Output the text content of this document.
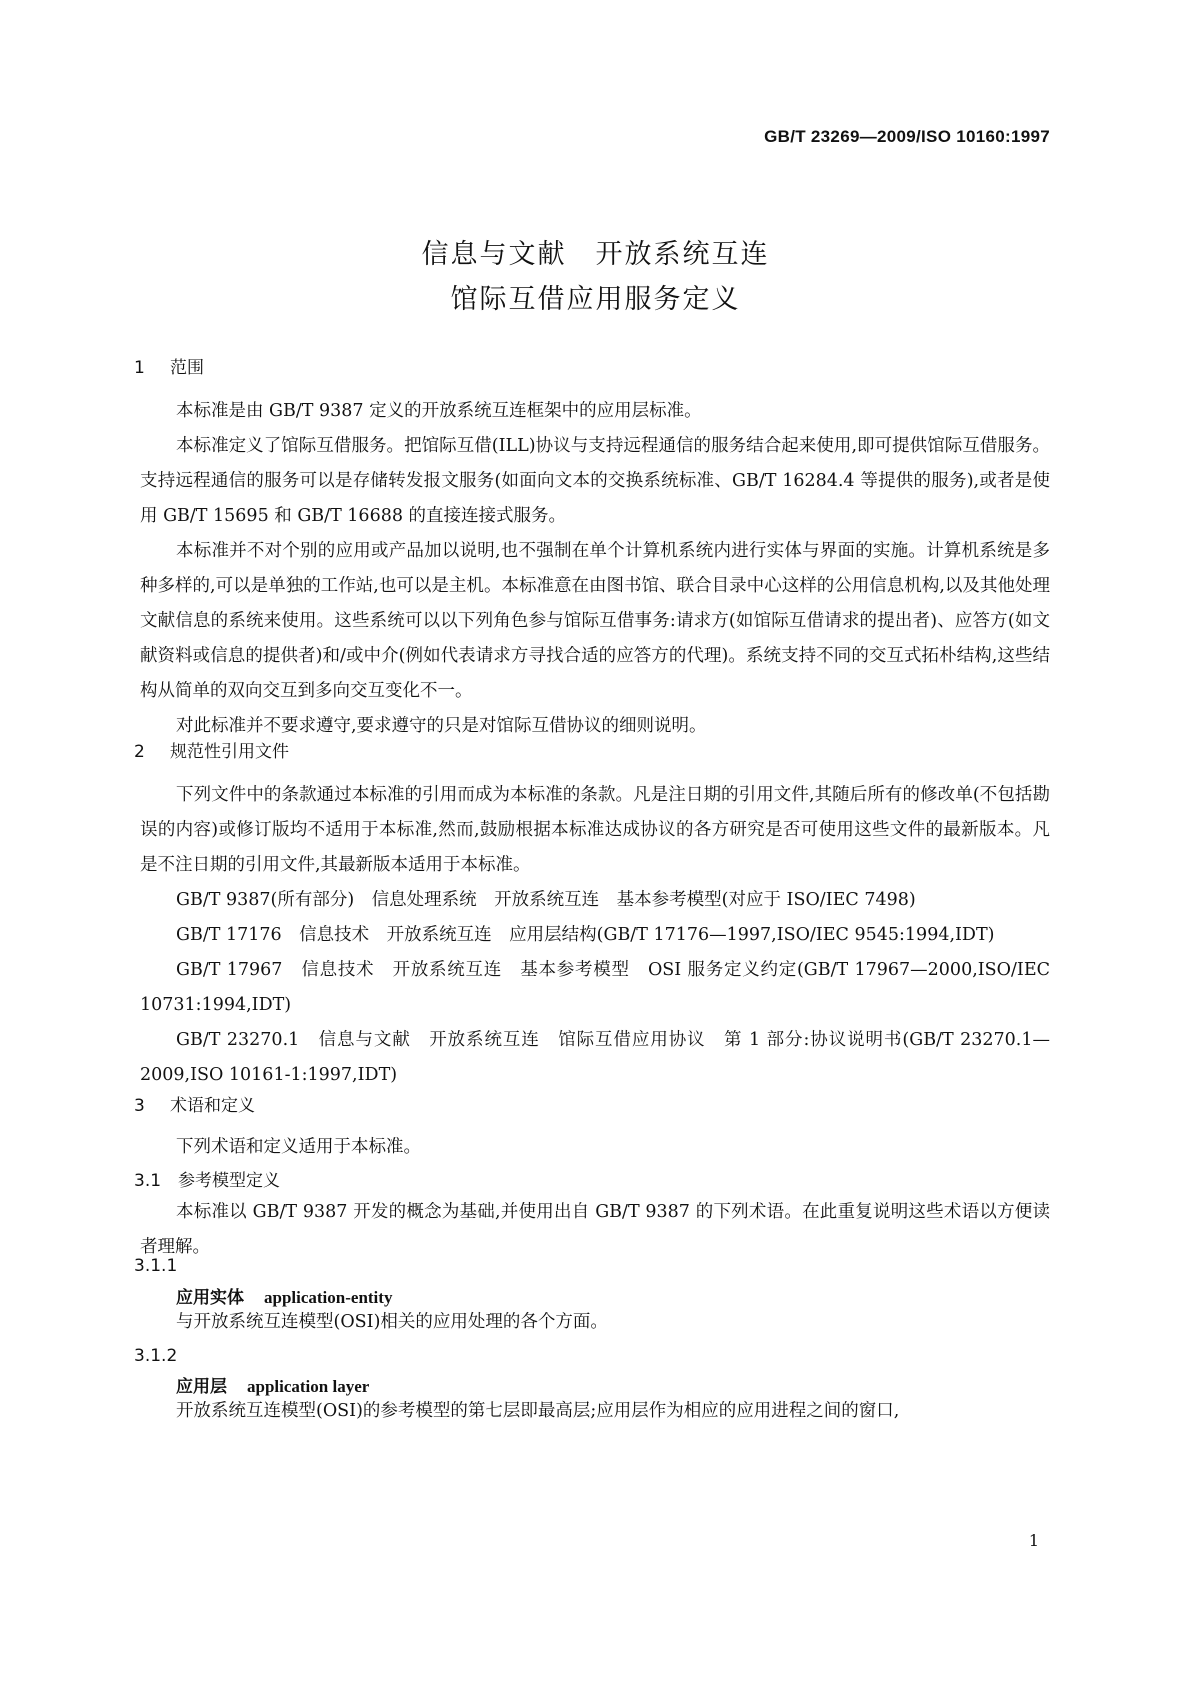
GB/T 23269—2009/ISO 10160:1997
信息与文献　开放系统互连
馆际互借应用服务定义
1 范围

本标准是由 GB/T 9387 定义的开放系统互连框架中的应用层标准。

本标准定义了馆际互借服务。把馆际互借(ILL)协议与支持远程通信的服务结合起来使用,即可提供馆际互借服务。支持远程通信的服务可以是存储转发报文服务(如面向文本的交换系统标准、GB/T 16284.4 等提供的服务),或者是使用 GB/T 15695 和 GB/T 16688 的直接连接式服务。

本标准并不对个别的应用或产品加以说明,也不强制在单个计算机系统内进行实体与界面的实施。计算机系统是多种多样的,可以是单独的工作站,也可以是主机。本标准意在由图书馆、联合目录中心这样的公用信息机构,以及其他处理文献信息的系统来使用。这些系统可以以下列角色参与馆际互借事务:请求方(如馆际互借请求的提出者)、应答方(如文献资料或信息的提供者)和/或中介(例如代表请求方寻找合适的应答方的代理)。系统支持不同的交互式拓朴结构,这些结构从简单的双向交互到多向交互变化不一。

对此标准并不要求遵守,要求遵守的只是对馆际互借协议的细则说明。

2 规范性引用文件

下列文件中的条款通过本标准的引用而成为本标准的条款。凡是注日期的引用文件,其随后所有的修改单(不包括勘误的内容)或修订版均不适用于本标准,然而,鼓励根据本标准达成协议的各方研究是否可使用这些文件的最新版本。凡是不注日期的引用文件,其最新版本适用于本标准。

GB/T 9387(所有部分)　信息处理系统　开放系统互连　基本参考模型(对应于 ISO/IEC 7498)

GB/T 17176　信息技术　开放系统互连　应用层结构(GB/T 17176—1997,ISO/IEC 9545:1994,IDT)

GB/T 17967　信息技术　开放系统互连　基本参考模型　OSI 服务定义约定(GB/T 17967—2000,ISO/IEC 10731:1994,IDT)

GB/T 23270.1　信息与文献　开放系统互连　馆际互借应用协议　第 1 部分:协议说明书(GB/T 23270.1—2009,ISO 10161-1:1997,IDT)

3 术语和定义

下列术语和定义适用于本标准。

3.1 参考模型定义

本标准以 GB/T 9387 开发的概念为基础,并使用出自 GB/T 9387 的下列术语。在此重复说明这些术语以方便读者理解。

3.1.1
应用实体 application-entity

与开放系统互连模型(OSI)相关的应用处理的各个方面。

3.1.2
应用层 application layer

开放系统互连模型(OSI)的参考模型的第七层即最高层;应用层作为相应的应用进程之间的窗口,

1
